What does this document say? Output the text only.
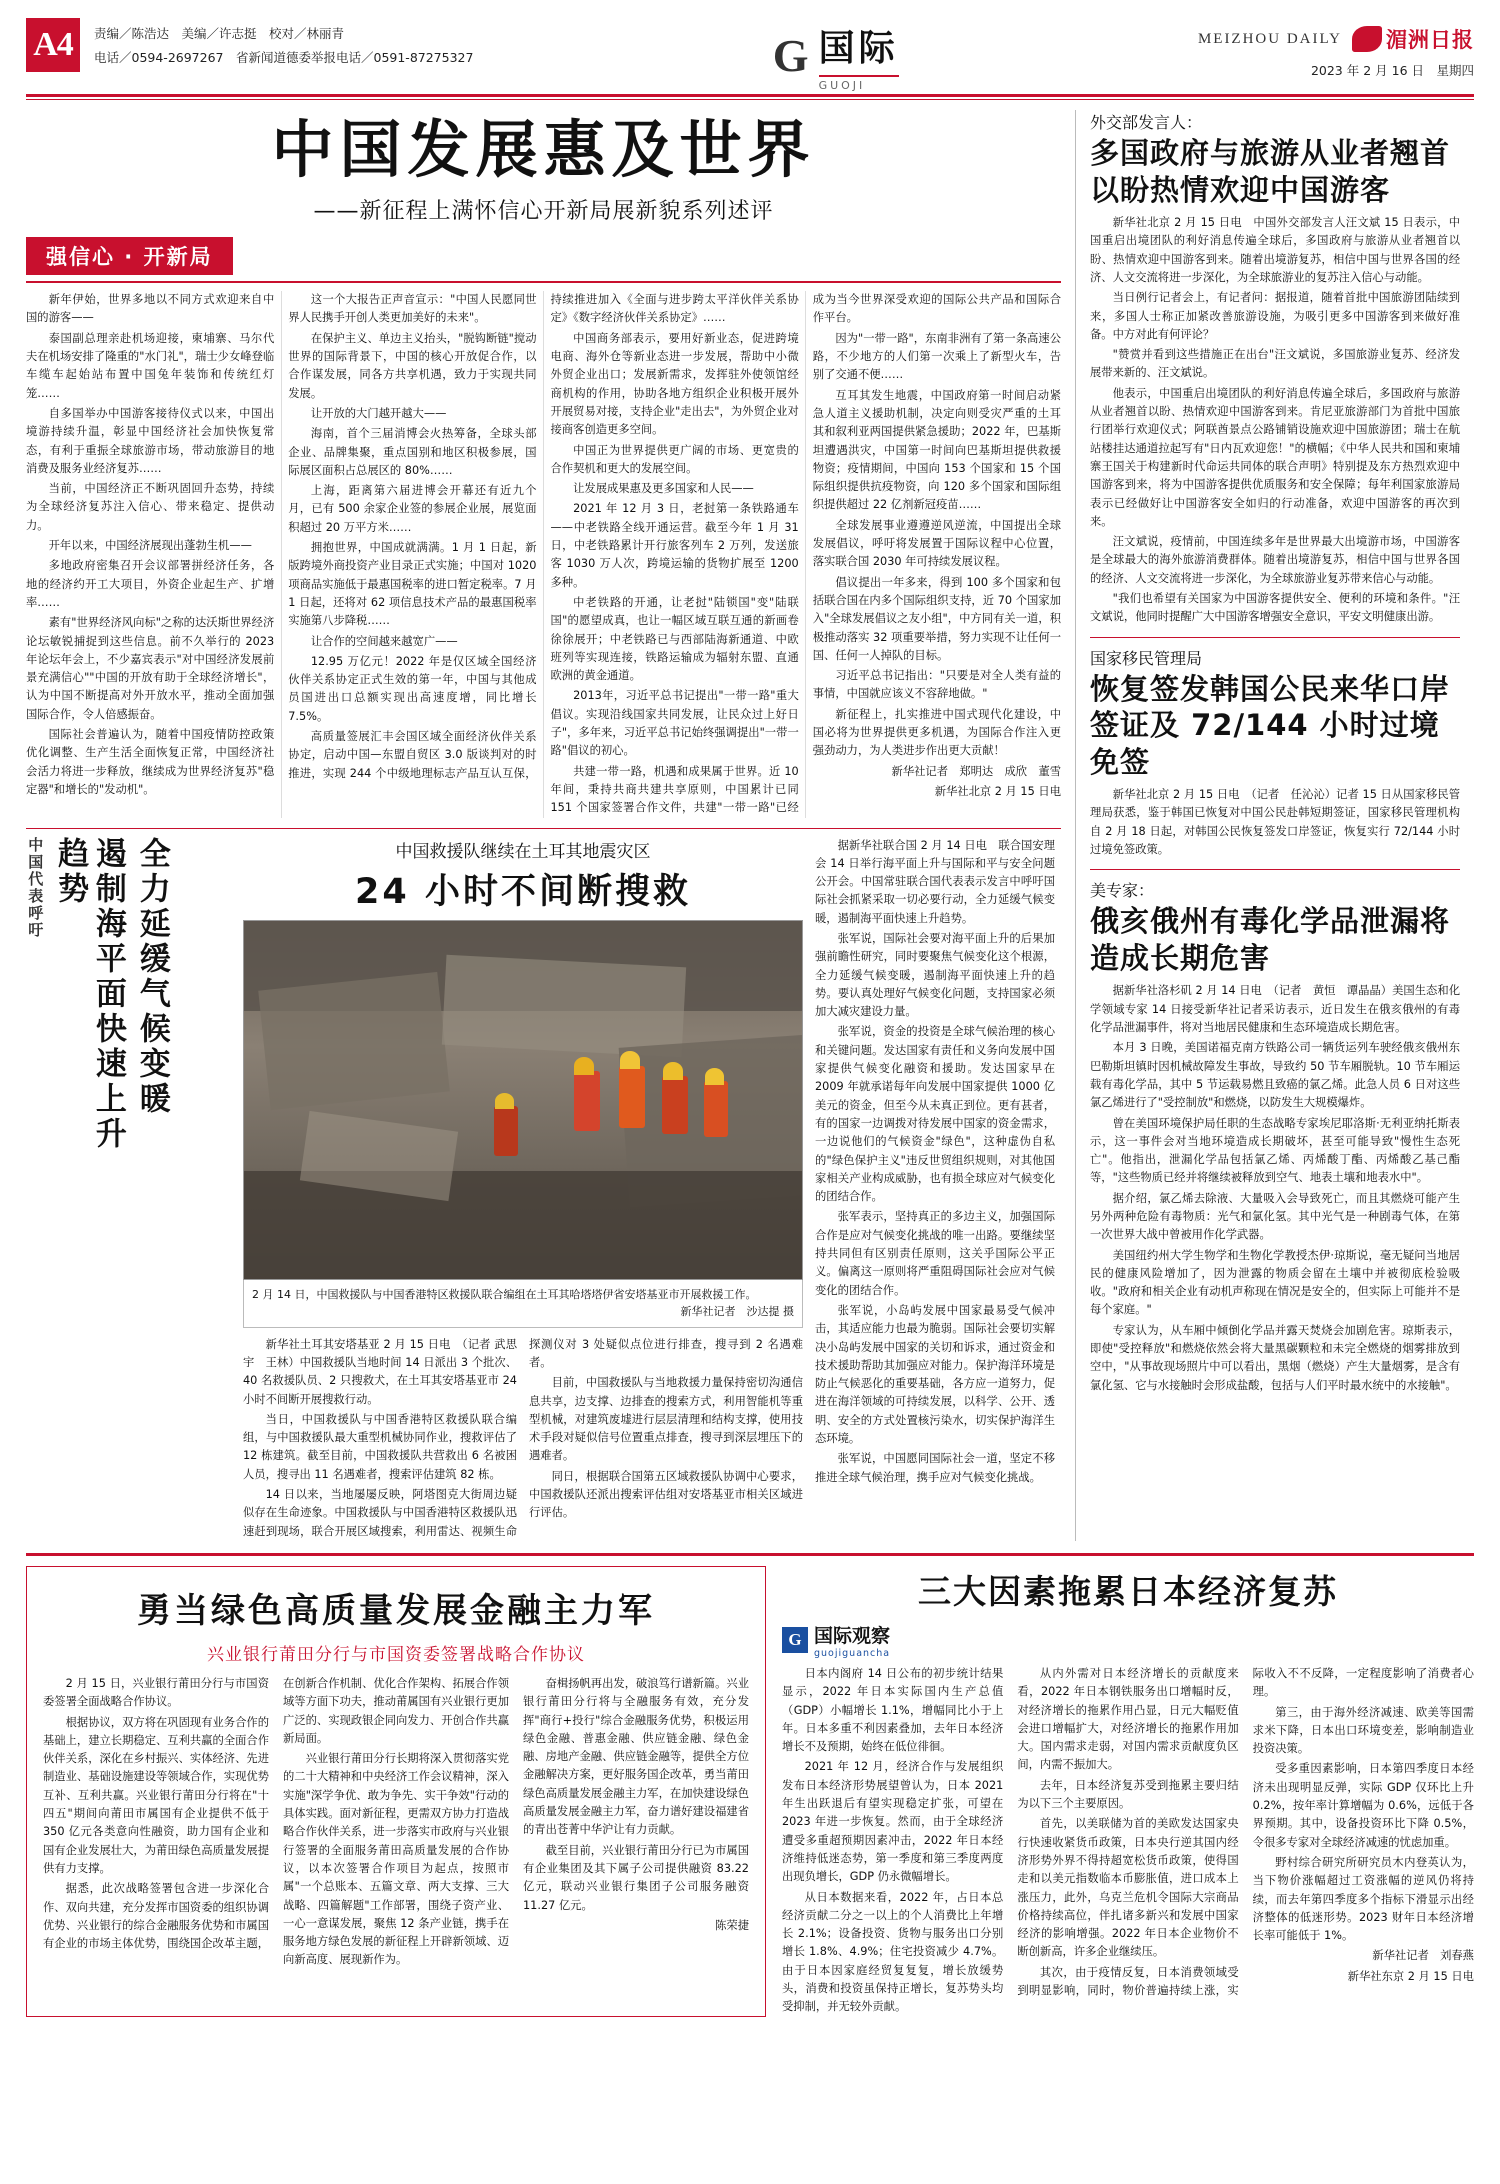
A4	责编／陈浩达　美编／许志挺　校对／林丽青
电话／0594-2697267　省新闻道德委举报电话／0591-87275327	G 国际
GUOJI
MEIZHOU DAILY 湄洲日报
2023 年 2 月 16 日　星期四
中国发展惠及世界
——新征程上满怀信心开新局展新貌系列述评
强信心 · 开新局

新年伊始，世界多地以不同方式欢迎来自中国的游客——

泰国副总理亲赴机场迎接，柬埔寨、马尔代夫在机场安排了隆重的"水门礼"，瑞士少女峰登临车缆车起始站布置中国兔年装饰和传统红灯笼……

自多国举办中国游客接待仪式以来，中国出境游持续升温，彰显中国经济社会加快恢复常态，有利于重振全球旅游市场，带动旅游目的地消费及服务业经济复苏……

当前，中国经济正不断巩固回升态势，持续为全球经济复苏注入信心、带来稳定、提供动力。

开年以来，中国经济展现出蓬勃生机——

多地政府密集召开会议部署拼经济任务，各地的经济约开工大项目，外资企业起生产、扩增率……

素有"世界经济风向标"之称的达沃斯世界经济论坛敏锐捕捉到这些信息。前不久举行的 2023 年论坛年会上，不少嘉宾表示"对中国经济发展前景充满信心""中国的开放有助于全球经济增长"，认为中国不断提高对外开放水平，推动全面加强国际合作，令人倍感振奋。

国际社会普遍认为，随着中国疫情防控政策优化调整、生产生活全面恢复正常，中国经济社会活力将进一步释放，继续成为世界经济复苏"稳定器"和增长的"发动机"。

这一个大报告正声音宣示："中国人民愿同世界人民携手开创人类更加美好的未来"。

在保护主义、单边主义抬头，"脱钩断链"搅动世界的国际背景下，中国的核心开放促合作，以合作谋发展，同各方共享机遇，致力于实现共同发展。

让开放的大门越开越大——

海南，首个三届消博会火热筹备，全球头部企业、品牌集聚，重点国别和地区积极参展，国际展区面积占总展区的 80%……

上海，距离第六届进博会开幕还有近九个月，已有 500 余家企业签的参展企业展，展览面积超过 20 万平方米……

拥抱世界，中国成就满满。1 月 1 日起，新版跨境外商投资产业目录正式实施；中国对 1020 项商品实施低于最惠国税率的进口暂定税率。7 月 1 日起，还将对 62 项信息技术产品的最惠国税率实施第八步降税……

让合作的空间越来越宽广——

12.95 万亿元！2022 年是仅区域全国经济伙伴关系协定正式生效的第一年，中国与其他成员国进出口总额实现出高速度增，同比增长 7.5%。

高质量签展汇丰会国区域全面经济伙伴关系协定，启动中国—东盟自贸区 3.0 版谈判对的时推进，实现 244 个中级地理标志产品互认互保，持续推进加入《全面与进步跨太平洋伙伴关系协定》《数字经济伙伴关系协定》……

中国商务部表示，要用好新业态，促进跨境电商、海外仓等新业态进一步发展，帮助中小微外贸企业出口；发展新需求，发挥驻外使领馆经商机构的作用，协助各地方组织企业积极开展外开展贸易对接，支持企业"走出去"，为外贸企业对接商客创造更多空间。

中国正为世界提供更广阔的市场、更宽贵的合作契机和更大的发展空间。

让发展成果惠及更多国家和人民——

2021 年 12 月 3 日，老挝第一条铁路通车——中老铁路全线开通运营。截至今年 1 月 31 日，中老铁路累计开行旅客列车 2 万列，发送旅客 1030 万人次，跨境运输的货物扩展至 1200 多种。

中老铁路的开通，让老挝"陆锁国"变"陆联国"的愿望成真，也让一幅区域互联互通的新画卷徐徐展开；中老铁路已与西部陆海新通道、中欧班列等实现连接，铁路运输成为辐射东盟、直通欧洲的黄金通道。

2013年，习近平总书记提出"一带一路"重大倡议。实现沿线国家共同发展，让民众过上好日子"，多年来，习近平总书记始终强调提出"一带一路"倡议的初心。

共建一带一路，机遇和成果属于世界。近 10 年间，秉持共商共建共享原则，中国累计已同 151 个国家签署合作文件，共建"一带一路"已经成为当今世界深受欢迎的国际公共产品和国际合作平台。

因为"一带一路"，东南非洲有了第一条高速公路，不少地方的人们第一次乘上了新型火车，告别了交通不便……

互耳其发生地震，中国政府第一时间启动紧急人道主义援助机制，决定向则受灾严重的土耳其和叙利亚两国提供紧急援助；2022 年，巴基斯坦遭遇洪灾，中国第一时间向巴基斯坦提供救援物资；疫情期间，中国向 153 个国家和 15 个国际组织提供抗疫物资，向 120 多个国家和国际组织提供超过 22 亿剂新冠疫苗……

全球发展事业遵遵逆风逆流，中国提出全球发展倡议，呼吁将发展置于国际议程中心位置，落实联合国 2030 年可持续发展议程。

倡议提出一年多来，得到 100 多个国家和包括联合国在内多个国际组织支持，近 70 个国家加入"全球发展倡议之友小组"，中方同有关一道，积极推动落实 32 项重要举措，努力实现不让任何一国、任何一人掉队的目标。

习近平总书记指出："只要是对全人类有益的事情，中国就应该义不容辞地做。"

新征程上，扎实推进中国式现代化建设，中国必将为世界提供更多机遇，为国际合作注入更强劲动力，为人类进步作出更大贡献！

新华社记者　郑明达　成欣　董雪

新华社北京 2 月 15 日电

中国代表呼吁	遏制海平面快速上升趋势	全力延缓气候变暖	中国救援队继续在土耳其地震灾区
24 小时不间断搜救
2 月 14 日，中国救援队与中国香港特区救援队联合编组在土耳其哈塔塔伊省安塔基亚市开展救援工作。
新华社记者　沙达提 摄

新华社土耳其安塔基亚 2 月 15 日电　（记者 武思宇　王林）中国救援队当地时间 14 日派出 3 个批次、40 名救援队员、2 只搜救犬，在土耳其安塔基亚市 24 小时不间断开展搜救行动。

当日，中国救援队与中国香港特区救援队联合编组，与中国救援队最大重型机械协同作业，搜救评估了 12 栋建筑。截至目前，中国救援队共营救出 6 名被困人员，搜寻出 11 名遇难者，搜索评估建筑 82 栋。

14 日以来，当地屡屡反映，阿塔图克大街周边疑似存在生命迹象。中国救援队与中国香港特区救援队迅速赶到现场，联合开展区域搜索，利用雷达、视频生命探测仪对 3 处疑似点位进行排查，搜寻到 2 名遇难者。

目前，中国救援队与当地救援力量保持密切沟通信息共享，边支撑、边排查的搜索方式，利用智能机等重型机械，对建筑废墟进行层层清理和结构支撑，使用技术手段对疑似信号位置重点排查，搜寻到深层埋压下的遇难者。

同日，根据联合国第五区域救援队协调中心要求，中国救援队还派出搜索评估组对安塔基亚市相关区域进行评估。

据新华社联合国 2 月 14 日电　联合国安理会 14 日举行海平面上升与国际和平与安全问题公开会。中国常驻联合国代表表示发言中呼吁国际社会抓紧采取一切必要行动，全力延缓气候变暖，遏制海平面快速上升趋势。

张军说，国际社会要对海平面上升的后果加强前瞻性研究，同时要聚焦气候变化这个根源，全力延缓气候变暖，遏制海平面快速上升的趋势。要认真处理好气候变化问题，支持国家必须加大减灾建设力量。

张军说，资金的投资是全球气候治理的核心和关键问题。发达国家有责任和义务向发展中国家提供气候变化融资和援助。发达国家早在 2009 年就承诺每年向发展中国家提供 1000 亿美元的资金，但至今从未真正到位。更有甚者，有的国家一边调拨对待发展中国家的资金需求，一边说他们的气候资金"绿色"，这种虚伪自私的"绿色保护主义"违反世贸组织规则，对其他国家相关产业构成威胁，也有损全球应对气候变化的团结合作。

张军表示，坚持真正的多边主义，加强国际合作是应对气候变化挑战的唯一出路。要继续坚持共同但有区别责任原则，这关乎国际公平正义。偏离这一原则将严重阻碍国际社会应对气候变化的团结合作。

张军说，小岛屿发展中国家最易受气候冲击，其适应能力也最为脆弱。国际社会要切实解决小岛屿发展中国家的关切和诉求，通过资金和技术援助帮助其加强应对能力。保护海洋环境是防止气候恶化的重要基础，各方应一道努力，促进在海洋领域的可持续发展，以科学、公开、透明、安全的方式处置核污染水，切实保护海洋生态环境。

张军说，中国愿同国际社会一道，坚定不移推进全球气候治理，携手应对气候变化挑战。

外交部发言人：
多国政府与旅游从业者翘首以盼热情欢迎中国游客

新华社北京 2 月 15 日电　中国外交部发言人汪文斌 15 日表示，中国重启出境团队的利好消息传遍全球后，多国政府与旅游从业者翘首以盼、热情欢迎中国游客到来。随着出境游复苏，相信中国与世界各国的经济、人文交流将进一步深化，为全球旅游业的复苏注入信心与动能。

当日例行记者会上，有记者问：据报道，随着首批中国旅游团陆续到来，多国人士称正加紧改善旅游设施，为吸引更多中国游客到来做好准备。中方对此有何评论？

"赞赏并看到这些措施正在出台"汪文斌说，多国旅游业复苏、经济发展带来新的、汪文斌说。

他表示，中国重启出境团队的利好消息传遍全球后，多国政府与旅游从业者翘首以盼、热情欢迎中国游客到来。肯尼亚旅游部门为首批中国旅行团举行欢迎仪式；阿联酋景点公路铺销设施欢迎中国旅游团；瑞士在航站楼挂达通道拉起写有"日内瓦欢迎您！"的横幅；《中华人民共和国和柬埔寨王国关于构建新时代命运共同体的联合声明》特别提及东方热烈欢迎中国游客到来，将为中国游客提供优质服务和安全保障；每年利国家旅游局表示已经做好让中国游客安全如归的行动准备，欢迎中国游客的再次到来。

汪文斌说，疫情前，中国连续多年是世界最大出境游市场，中国游客是全球最大的海外旅游消费群体。随着出境游复苏，相信中国与世界各国的经济、人文交流将进一步深化，为全球旅游业复苏带来信心与动能。

"我们也希望有关国家为中国游客提供安全、便利的环境和条件。"汪文斌说，他同时提醒广大中国游客增强安全意识，平安文明健康出游。

国家移民管理局
恢复签发韩国公民来华口岸签证及 72/144 小时过境免签

新华社北京 2 月 15 日电　（记者　任沁沁）记者 15 日从国家移民管理局获悉，鉴于韩国已恢复对中国公民赴韩短期签证，国家移民管理机构自 2 月 18 日起，对韩国公民恢复签发口岸签证，恢复实行 72/144 小时过境免签政策。

美专家：
俄亥俄州有毒化学品泄漏将造成长期危害

据新华社洛杉矶 2 月 14 日电　（记者　黄恒　谭晶晶）美国生态和化学领域专家 14 日接受新华社记者采访表示，近日发生在俄亥俄州的有毒化学品泄漏事件，将对当地居民健康和生态环境造成长期危害。

本月 3 日晚，美国诺福克南方铁路公司一辆货运列车驶经俄亥俄州东巴勒斯坦镇时因机械故障发生事故，导致约 50 节车厢脱轨。10 节车厢运载有毒化学品，其中 5 节运载易燃且致癌的氯乙烯。此急人员 6 日对这些氯乙烯进行了"受控制放"和燃烧，以防发生大规模爆炸。

曾在美国环境保护局任职的生态战略专家埃尼耶洛斯·无利亚纳托斯表示，这一事件会对当地环境造成长期破坏，甚至可能导致"慢性生态死亡"。他指出，泄漏化学品包括氯乙烯、丙烯酸丁酯、丙烯酸乙基己酯等，"这些物质已经并将继续被释放到空气、地表土壤和地表水中"。

据介绍，氯乙烯去除液、大量吸入会导致死亡，而且其燃烧可能产生另外两种危险有毒物质：光气和氯化氢。其中光气是一种剧毒气体，在第一次世界大战中曾被用作化学武器。

美国纽约州大学生物学和生物化学教授杰伊·琼斯说，毫无疑问当地居民的健康风险增加了，因为泄露的物质会留在土壤中并被彻底检验吸收。"政府和相关企业有动机声称现在情况是安全的，但实际上可能并不是每个家庭。"

专家认为，从车厢中倾倒化学品并露天焚烧会加剧危害。琼斯表示，即使"受控释放"和燃烧依然会将大量黑碳颗粒和未完全燃烧的烟雾排放到空中，"从事故现场照片中可以看出，黑烟（燃烧）产生大量烟雾，是含有氯化氢、它与水接触时会形成盐酸，包括与人们平时最水统中的水接触"。

勇当绿色高质量发展金融主力军
兴业银行莆田分行与市国资委签署战略合作协议

2 月 15 日，兴业银行莆田分行与市国资委签署全面战略合作协议。

根据协议，双方将在巩固现有业务合作的基础上，建立长期稳定、互利共赢的全面合作伙伴关系，深化在乡村振兴、实体经济、先进制造业、基础设施建设等领域合作，实现优势互补、互利共赢。兴业银行莆田分行将在"十四五"期间向莆田市属国有企业提供不低于 350 亿元各类意向性融资，助力国有企业和国有企业发展壮大，为莆田绿色高质量发展提供有力支撑。

据悉，此次战略签署包含进一步深化合作、双向共建，充分发挥市国资委的组织协调优势、兴业银行的综合金融服务优势和市属国有企业的市场主体优势，围绕国企改革主题，在创新合作机制、优化合作架构、拓展合作领域等方面下功夫，推动莆属国有兴业银行更加广泛的、实现政银企同向发力、开创合作共赢新局面。

兴业银行莆田分行长期将深入贯彻落实党的二十大精神和中央经济工作会议精神，深入实施"深学争优、敢为争先、实干争效"行动的具体实践。面对新征程，更需双方协力打造战略合作伙伴关系，进一步落实市政府与兴业银行签署的全面服务莆田高质量发展的合作协议，以本次签署合作项目为起点，按照市属"一个总账本、五篇文章、两大支撑、三大战略、四篇解题"工作部署，围绕子资产业、一心一意谋发展，聚焦 12 条产业链，携手在服务地方绿色发展的新征程上开辟新领域、迈向新高度、展现新作为。

奋楫扬帆再出发，破浪笃行谱新篇。兴业银行莆田分行将与全融服务有效，充分发挥"商行+投行"综合金融服务优势，积极运用绿色金融、普惠金融、供应链金融、绿色金融、房地产金融、供应链金融等，提供全方位金融解决方案，更好服务国企改革，勇当莆田绿色高质量发展金融主力军，在加快建设绿色高质量发展金融主力军，奋力谱好建设福建省的青出苍菁中华沪让有力贡献。

截至目前，兴业银行莆田分行已为市属国有企业集团及其下属子公司提供融资 83.22 亿元，联动兴业银行集团子公司服务融资 11.27 亿元。

陈荣捷

三大因素拖累日本经济复苏
G 国际观察
guojiguancha

日本内阁府 14 日公布的初步统计结果显示，2022 年日本实际国内生产总值（GDP）小幅增长 1.1%，增幅同比小于上年。日本多重不利因素叠加，去年日本经济增长不及预期，始终在低位徘徊。

2021 年 12 月，经济合作与发展组织发布日本经济形势展望曾认为，日本 2021 年生出跃退后有望实现稳定扩张，可望在 2023 年进一步恢复。然而，由于全球经济遭受多重超预期因素冲击，2022 年日本经济维持低迷态势，第一季度和第三季度两度出现负增长，GDP 仍永微幅增长。

从日本数据来看，2022 年，占日本总经济贡献二分之一以上的个人消费比上年增长 2.1%；设备投资、货物与服务出口分别增长 1.8%、4.9%；住宅投资减少 4.7%。由于日本因家庭经贸复复复，增长放缓势头，消费和投资虽保持正增长，复苏势头均受抑制，并无较外贡献。

从内外需对日本经济增长的贡献度来看，2022 年日本钢铁服务出口增幅时反，对经济增长的拖累作用凸显，日元大幅贬值会进口增幅扩大，对经济增长的拖累作用加大。国内需求走弱，对国内需求贡献度负区间，内需不振加大。

去年，日本经济复苏受到拖累主要归结为以下三个主要原因。

首先，以美联储为首的美欧发达国家央行快速收紧货币政策，日本央行逆其国内经济形势外界不得持超宽松货币政策，使得国走和以美元指数临本币膨胀值，进口成本上涨压力，此外，乌克兰危机令国际大宗商品价格持续高位，伴扎诸多新兴和发展中国家经济的影响增强。2022 年日本企业物价不断创新高，许多企业继续压。

其次，由于疫情反复，日本消费领域受到明显影响，同时，物价普遍持续上涨，实际收入不不反降，一定程度影响了消费者心理。

第三，由于海外经济减速、欧美等国需求米下降，日本出口环境变差，影响制造业投资决策。

受多重因素影响，日本第四季度日本经济未出现明显反弹，实际 GDP 仅环比上升 0.2%，按年率计算增幅为 0.6%，远低于各界预期。其中，设备投资环比下降 0.5%，令很多专家对全球经济减速的忧虑加重。

野村综合研究所研究员木内登英认为，当下物价涨幅超过工资涨幅的逆风仍将持续，而去年第四季度多个指标下滑显示出经济整体的低迷形势。2023 财年日本经济增长率可能低于 1%。

新华社记者　刘春燕

新华社东京 2 月 15 日电
